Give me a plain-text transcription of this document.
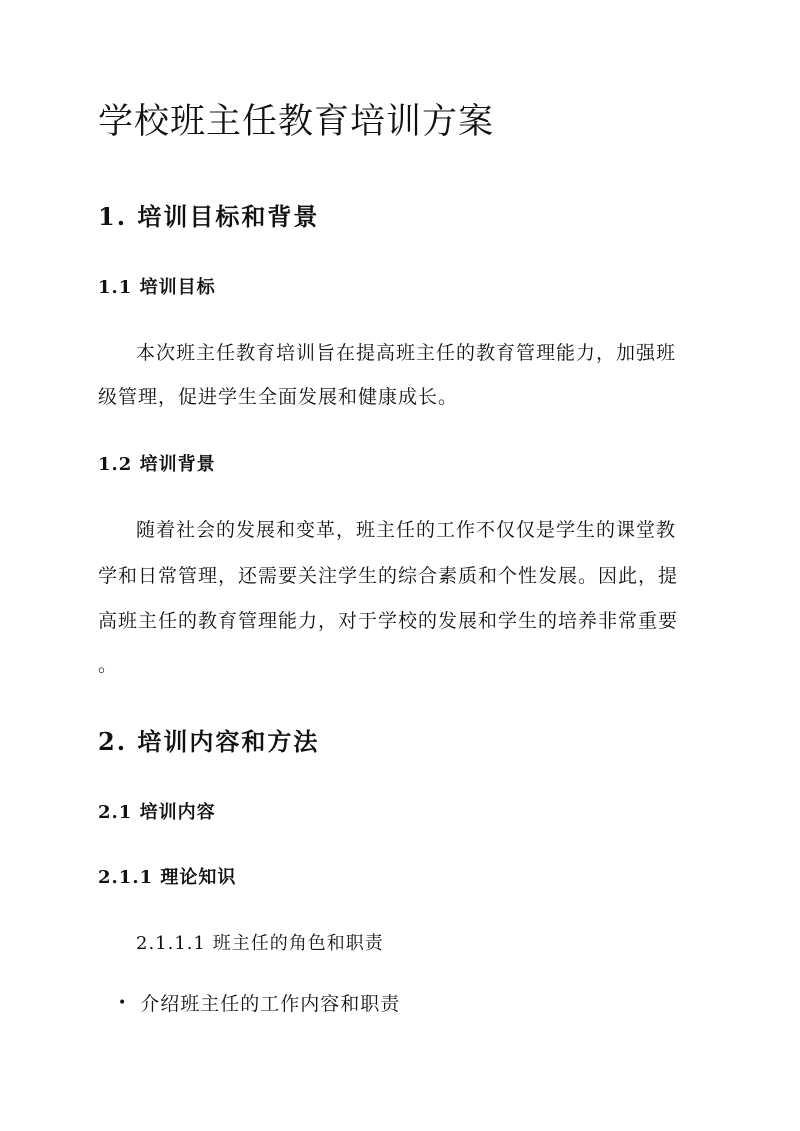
学校班主任教育培训方案
1. 培训目标和背景
1.1 培训目标

本次班主任教育培训旨在提高班主任的教育管理能力，加强班

级管理，促进学生全面发展和健康成长。

1.2 培训背景

随着社会的发展和变革，班主任的工作不仅仅是学生的课堂教

学和日常管理，还需要关注学生的综合素质和个性发展。因此，提

高班主任的教育管理能力，对于学校的发展和学生的培养非常重要

。

2. 培训内容和方法
2.1 培训内容
2.1.1 理论知识

2.1.1.1 班主任的角色和职责

• 介绍班主任的工作内容和职责
